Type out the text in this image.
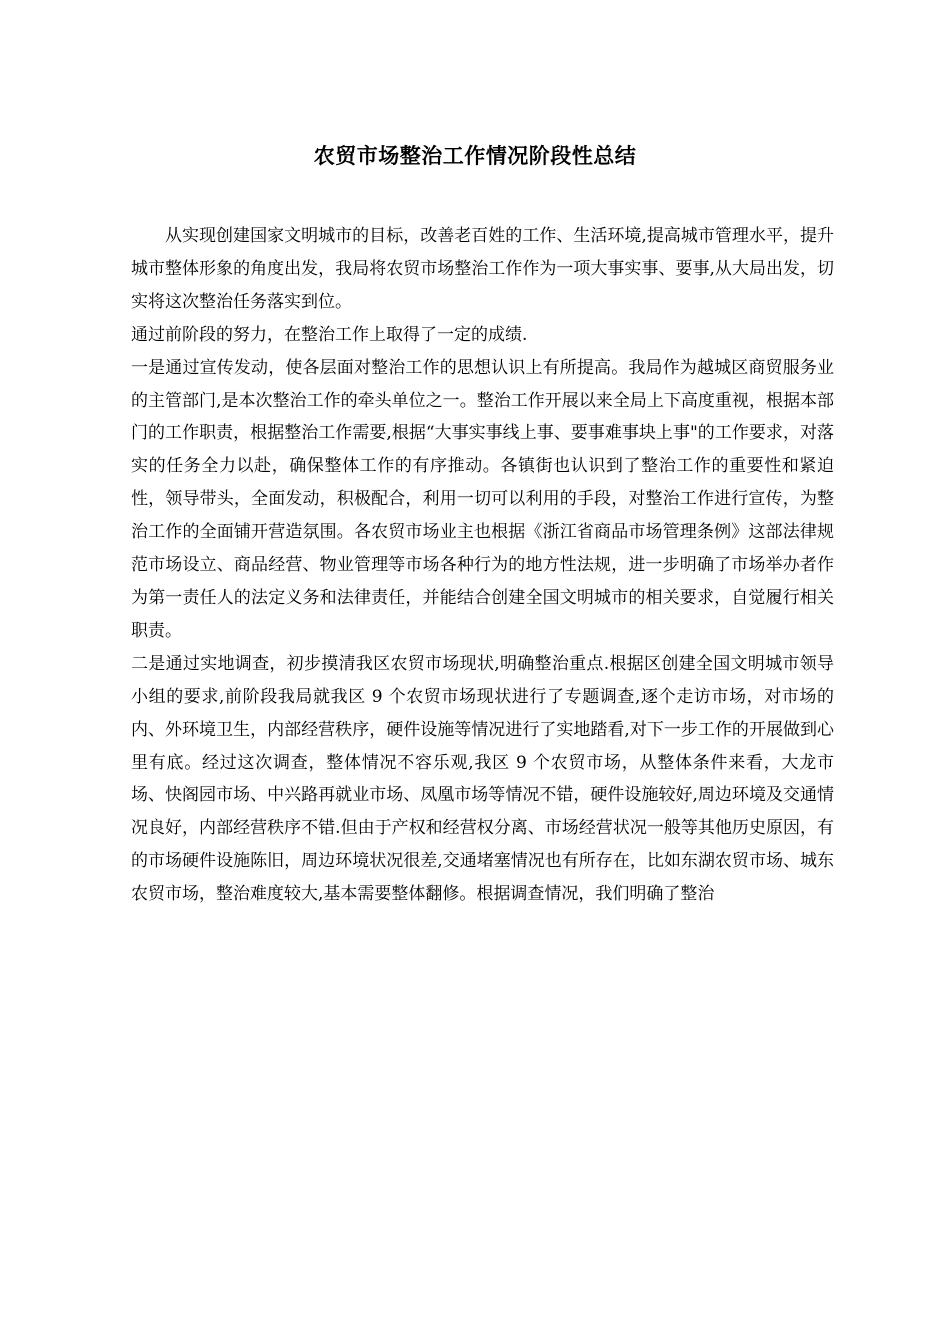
农贸市场整治工作情况阶段性总结

从实现创建国家文明城市的目标，改善老百姓的工作、生活环境,提高城市管理水平，提升城市整体形象的角度出发，我局将农贸市场整治工作作为一项大事实事、要事,从大局出发，切实将这次整治任务落实到位。

通过前阶段的努力，在整治工作上取得了一定的成绩.

一是通过宣传发动，使各层面对整治工作的思想认识上有所提高。我局作为越城区商贸服务业的主管部门,是本次整治工作的牵头单位之一。整治工作开展以来全局上下高度重视，根据本部门的工作职责，根据整治工作需要,根据“大事实事线上事、要事难事块上事"的工作要求，对落实的任务全力以赴，确保整体工作的有序推动。各镇街也认识到了整治工作的重要性和紧迫性，领导带头，全面发动，积极配合，利用一切可以利用的手段，对整治工作进行宣传，为整治工作的全面铺开营造氛围。各农贸市场业主也根据《浙江省商品市场管理条例》这部法律规范市场设立、商品经营、物业管理等市场各种行为的地方性法规，进一步明确了市场举办者作为第一责任人的法定义务和法律责任，并能结合创建全国文明城市的相关要求，自觉履行相关职责。

二是通过实地调查，初步摸清我区农贸市场现状,明确整治重点.根据区创建全国文明城市领导小组的要求,前阶段我局就我区 9 个农贸市场现状进行了专题调查,逐个走访市场，对市场的内、外环境卫生，内部经营秩序，硬件设施等情况进行了实地踏看,对下一步工作的开展做到心里有底。经过这次调查，整体情况不容乐观,我区 9 个农贸市场，从整体条件来看，大龙市场、快阁园市场、中兴路再就业市场、凤凰市场等情况不错，硬件设施较好,周边环境及交通情况良好，内部经营秩序不错.但由于产权和经营权分离、市场经营状况一般等其他历史原因，有的市场硬件设施陈旧，周边环境状况很差,交通堵塞情况也有所存在，比如东湖农贸市场、城东农贸市场，整治难度较大,基本需要整体翻修。根据调查情况，我们明确了整治
